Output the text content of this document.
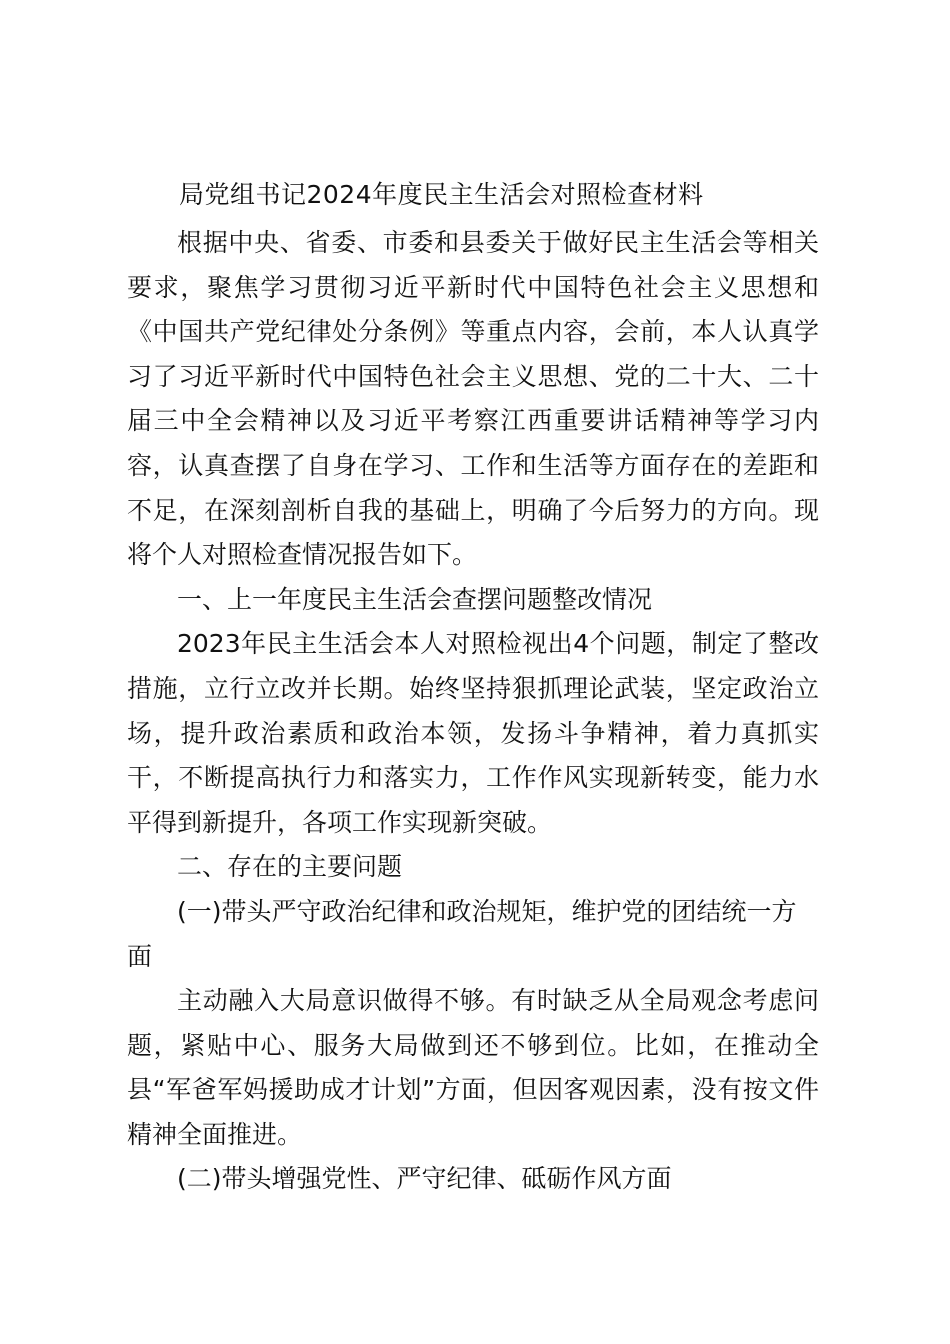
局党组书记2024年度民主生活会对照检查材料

根据中央、省委、市委和县委关于做好民主生活会等相关要求，聚焦学习贯彻习近平新时代中国特色社会主义思想和《中国共产党纪律处分条例》等重点内容，会前，本人认真学习了习近平新时代中国特色社会主义思想、党的二十大、二十届三中全会精神以及习近平考察江西重要讲话精神等学习内容，认真查摆了自身在学习、工作和生活等方面存在的差距和不足，在深刻剖析自我的基础上，明确了今后努力的方向。现将个人对照检查情况报告如下。

一、上一年度民主生活会查摆问题整改情况

2023年民主生活会本人对照检视出4个问题，制定了整改措施，立行立改并长期。始终坚持狠抓理论武装，坚定政治立场，提升政治素质和政治本领，发扬斗争精神，着力真抓实干，不断提高执行力和落实力，工作作风实现新转变，能力水平得到新提升，各项工作实现新突破。

二、存在的主要问题

(一)带头严守政治纪律和政治规矩，维护党的团结统一方面

主动融入大局意识做得不够。有时缺乏从全局观念考虑问题，紧贴中心、服务大局做到还不够到位。比如，在推动全县“军爸军妈援助成才计划”方面，但因客观因素，没有按文件精神全面推进。

(二)带头增强党性、严守纪律、砥砺作风方面
